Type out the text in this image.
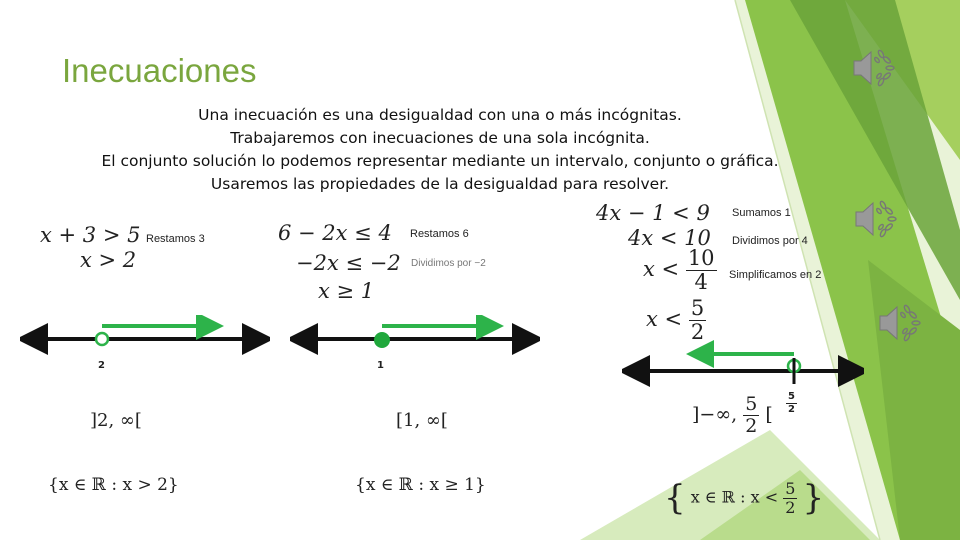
Inecuaciones
Una inecuación es una desigualdad con una o más incógnitas.
Trabajaremos con inecuaciones de una sola incógnita.
El conjunto solución lo podemos representar mediante un intervalo, conjunto o gráfica.
Usaremos las propiedades de la desigualdad para resolver.
x + 3 > 5
x > 2
Restamos 3
2
]2, ∞[
{x ∈ ℝ : x > 2}
6 − 2x ≤ 4
−2x ≤ −2
x ≥ 1
Restamos 6
Dividimos por −2
1
[1, ∞[
{x ∈ ℝ : x ≥ 1}
4x − 1 < 9
4x < 10
$x < \frac{10}{4}$
$x < \frac{5}{2}$
Sumamos 1
Dividimos por 4
Simplificamos en 2
$\frac{5}{2}$
]−∞, $\frac{5}{2}$ [
{ x ∈ ℝ : $x < \frac{5}{2}$ }
